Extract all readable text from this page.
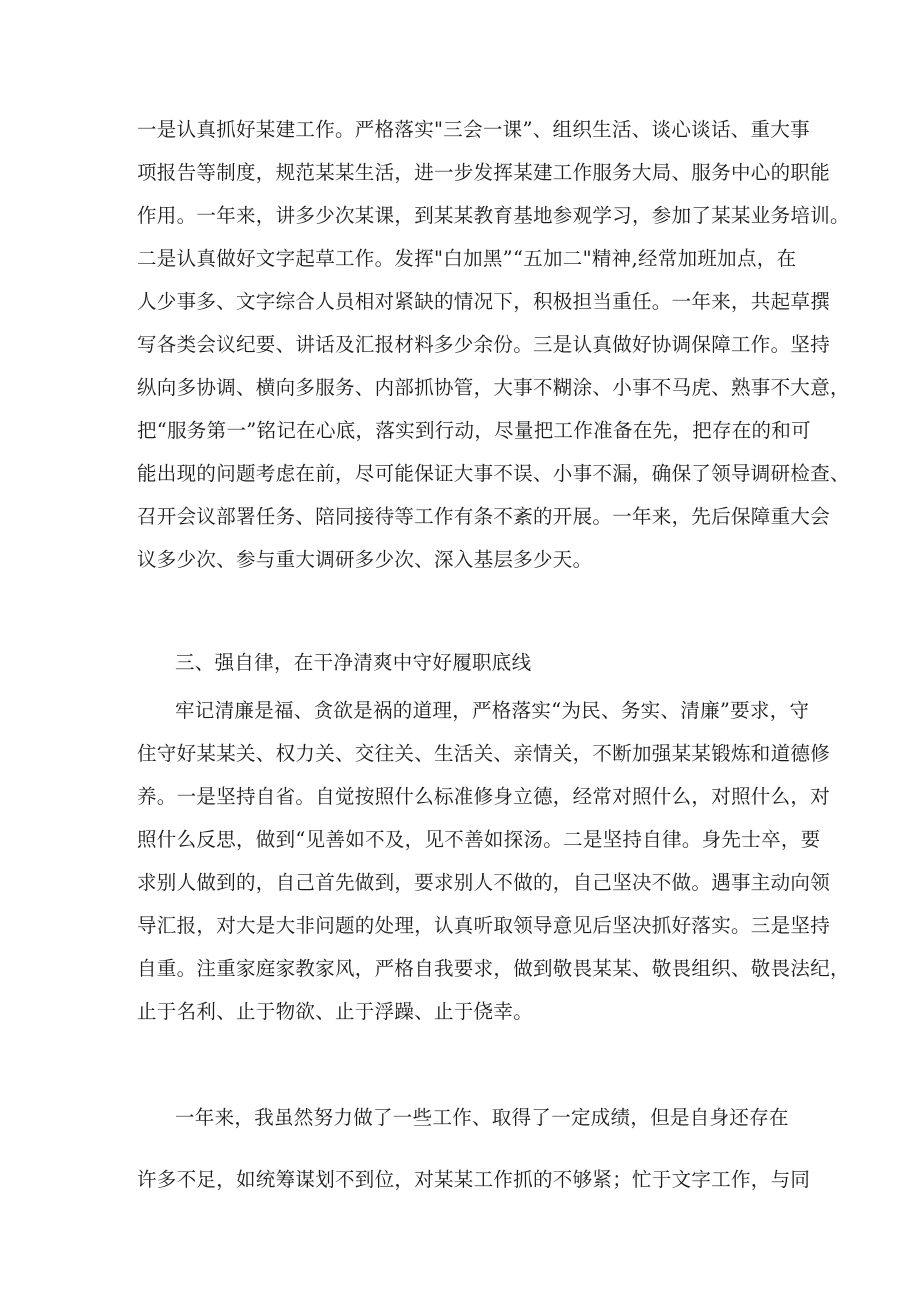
一是认真抓好某建工作。严格落实"三会一课”、组织生活、谈心谈话、重大事
项报告等制度，规范某某生活，进一步发挥某建工作服务大局、服务中心的职能
作用。一年来，讲多少次某课，到某某教育基地参观学习，参加了某某业务培训。
二是认真做好文字起草工作。发挥"白加黑”“五加二"精神,经常加班加点，在
人少事多、文字综合人员相对紧缺的情况下，积极担当重任。一年来，共起草撰
写各类会议纪要、讲话及汇报材料多少余份。三是认真做好协调保障工作。坚持
纵向多协调、横向多服务、内部抓协管，大事不糊涂、小事不马虎、熟事不大意，
把“服务第一”铭记在心底，落实到行动，尽量把工作准备在先，把存在的和可
能出现的问题考虑在前，尽可能保证大事不误、小事不漏，确保了领导调研检查、
召开会议部署任务、陪同接待等工作有条不紊的开展。一年来，先后保障重大会
议多少次、参与重大调研多少次、深入基层多少天。
三、强自律，在干净清爽中守好履职底线
牢记清廉是福、贪欲是祸的道理，严格落实“为民、务实、清廉”要求，守
住守好某某关、权力关、交往关、生活关、亲情关，不断加强某某锻炼和道德修
养。一是坚持自省。自觉按照什么标准修身立德，经常对照什么，对照什么，对
照什么反思，做到“见善如不及，见不善如探汤。二是坚持自律。身先士卒，要
求别人做到的，自己首先做到，要求别人不做的，自己坚决不做。遇事主动向领
导汇报，对大是大非问题的处理，认真听取领导意见后坚决抓好落实。三是坚持
自重。注重家庭家教家风，严格自我要求，做到敬畏某某、敬畏组织、敬畏法纪，
止于名利、止于物欲、止于浮躁、止于侥幸。
一年来，我虽然努力做了一些工作、取得了一定成绩，但是自身还存在
许多不足，如统筹谋划不到位，对某某工作抓的不够紧；忙于文字工作，与同
